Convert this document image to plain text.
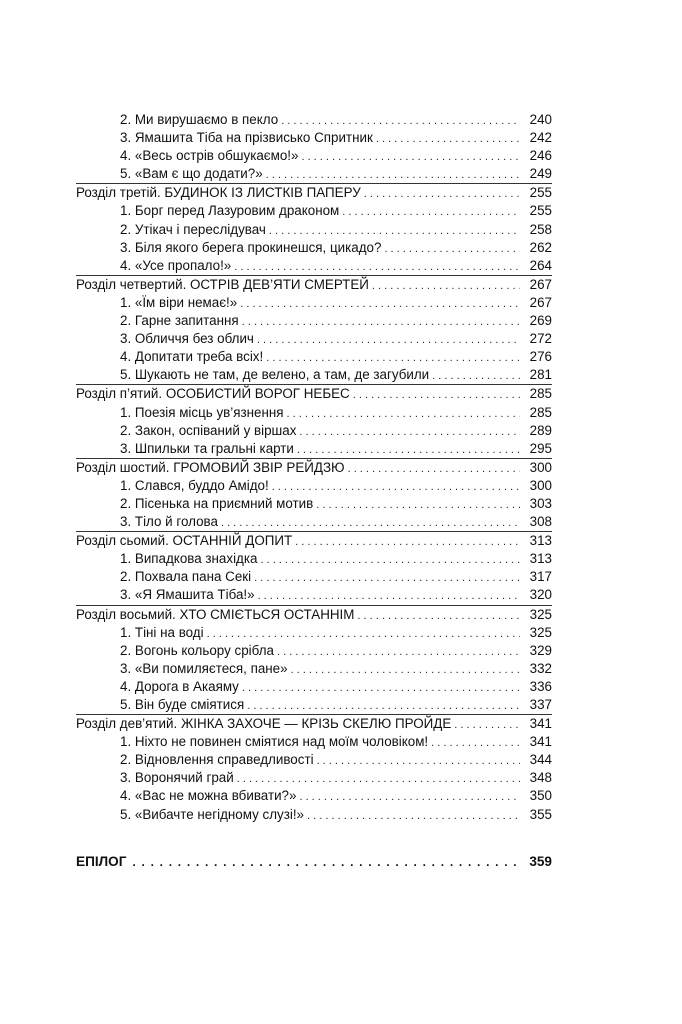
2. Ми вирушаємо в пекло . . .	240
3. Ямашита Тіба на прізвисько Спритник . . .	242
4. «Весь острів обшукаємо!» . . .	246
5. «Вам є що додати?» . . .	249
Розділ третій. БУДИНОК ІЗ ЛИСТКІВ ПАПЕРУ . . .	255
1. Борг перед Лазуровим драконом . . .	255
2. Утікач і переслідувач . . .	258
3. Біля якого берега прокинешся, цикадо? . . .	262
4. «Усе пропало!» . . .	264
Розділ четвертий. ОСТРІВ ДЕВ’ЯТИ СМЕРТЕЙ . . .	267
1. «Їм віри немає!» . . .	267
2. Гарне запитання . . .	269
3. Обличчя без облич . . .	272
4. Допитати треба всіх! . . .	276
5. Шукають не там, де велено, а там, де загубили . . .	281
Розділ п’ятий. ОСОБИСТИЙ ВОРОГ НЕБЕС . . .	285
1. Поезія місць ув’язнення . . .	285
2. Закон, оспіваний у віршах . . .	289
3. Шпильки та гральні карти . . .	295
Розділ шостий. ГРОМОВИЙ ЗВІР РЕЙДЗЮ . . .	300
1. Слався, буддо Амідо! . . .	300
2. Пісенька на приємний мотив . . .	303
3. Тіло й голова . . .	308
Розділ сьомий. ОСТАННІЙ ДОПИТ . . .	313
1. Випадкова знахідка . . .	313
2. Похвала пана Секі . . .	317
3. «Я Ямашита Тіба!» . . .	320
Розділ восьмий. ХТО СМІЄТЬСЯ ОСТАННІМ . . .	325
1. Тіні на воді . . .	325
2. Вогонь кольору срібла . . .	329
3. «Ви помиляєтеся, пане» . . .	332
4. Дорога в Акаяму . . .	336
5. Він буде сміятися . . .	337
Розділ дев’ятий. ЖІНКА ЗАХОЧЕ — КРІЗЬ СКЕЛЮ ПРОЙДЕ . . .	341
1. Ніхто не повинен сміятися над моїм чоловіком! . . .	341
2. Відновлення справедливості . . .	344
3. Воронячий грай . . .	348
4. «Вас не можна вбивати?» . . .	350
5. «Вибачте негідному слузі!» . . .	355
ЕПІЛОГ . . .	359
